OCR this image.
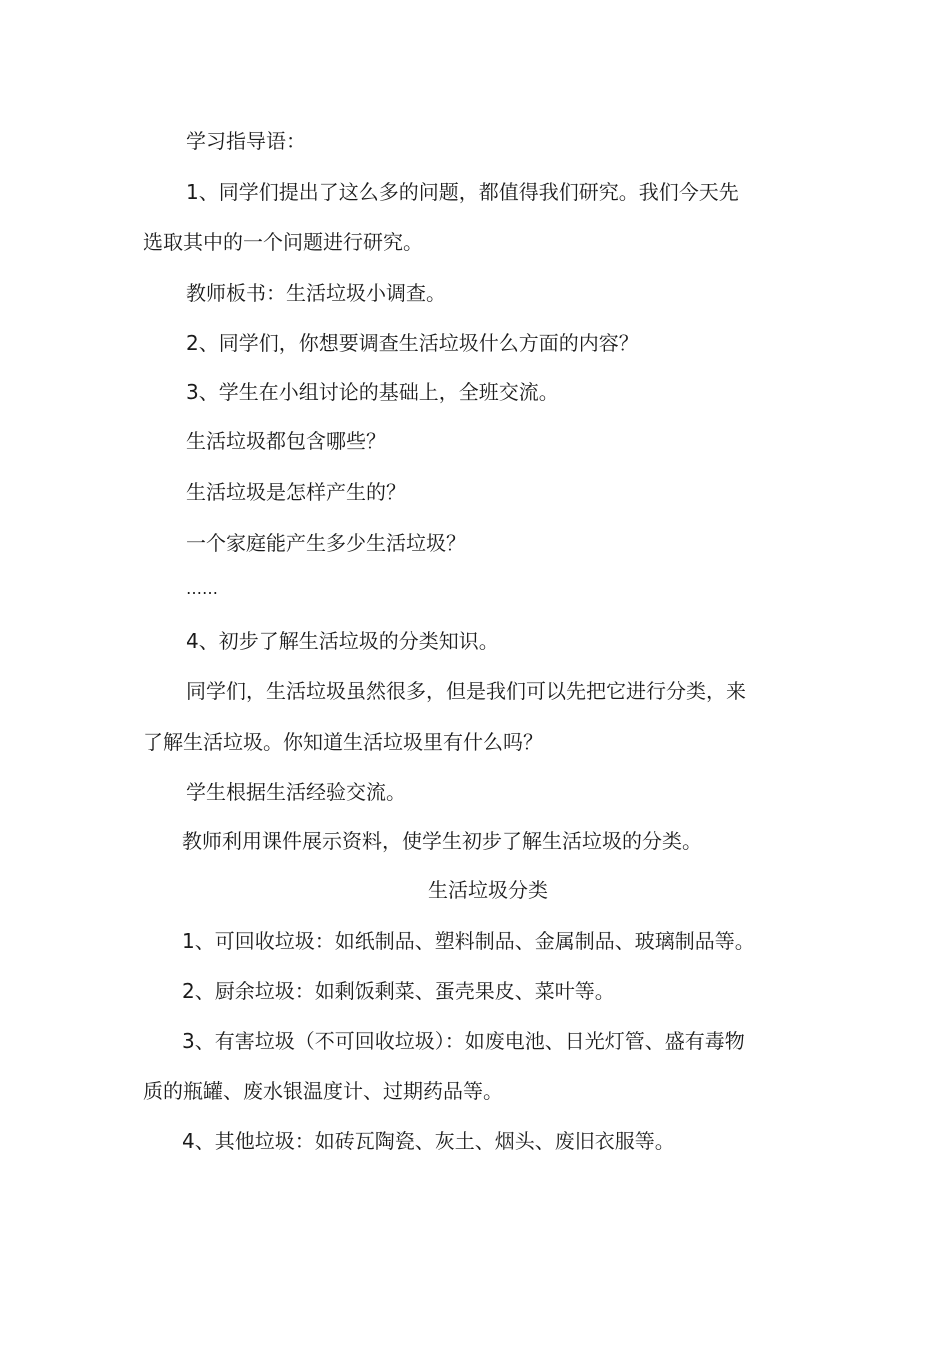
学习指导语：

1、同学们提出了这么多的问题，都值得我们研究。我们今天先

选取其中的一个问题进行研究。

教师板书：生活垃圾小调查。

2、同学们，你想要调查生活垃圾什么方面的内容？

3、学生在小组讨论的基础上，全班交流。

生活垃圾都包含哪些？

生活垃圾是怎样产生的？

一个家庭能产生多少生活垃圾？

……

4、初步了解生活垃圾的分类知识。

同学们，生活垃圾虽然很多，但是我们可以先把它进行分类，来

了解生活垃圾。你知道生活垃圾里有什么吗？

学生根据生活经验交流。

教师利用课件展示资料，使学生初步了解生活垃圾的分类。

生活垃圾分类

1、可回收垃圾：如纸制品、塑料制品、金属制品、玻璃制品等。

2、厨余垃圾：如剩饭剩菜、蛋壳果皮、菜叶等。

3、有害垃圾（不可回收垃圾）：如废电池、日光灯管、盛有毒物

质的瓶罐、废水银温度计、过期药品等。

4、其他垃圾：如砖瓦陶瓷、灰土、烟头、废旧衣服等。
